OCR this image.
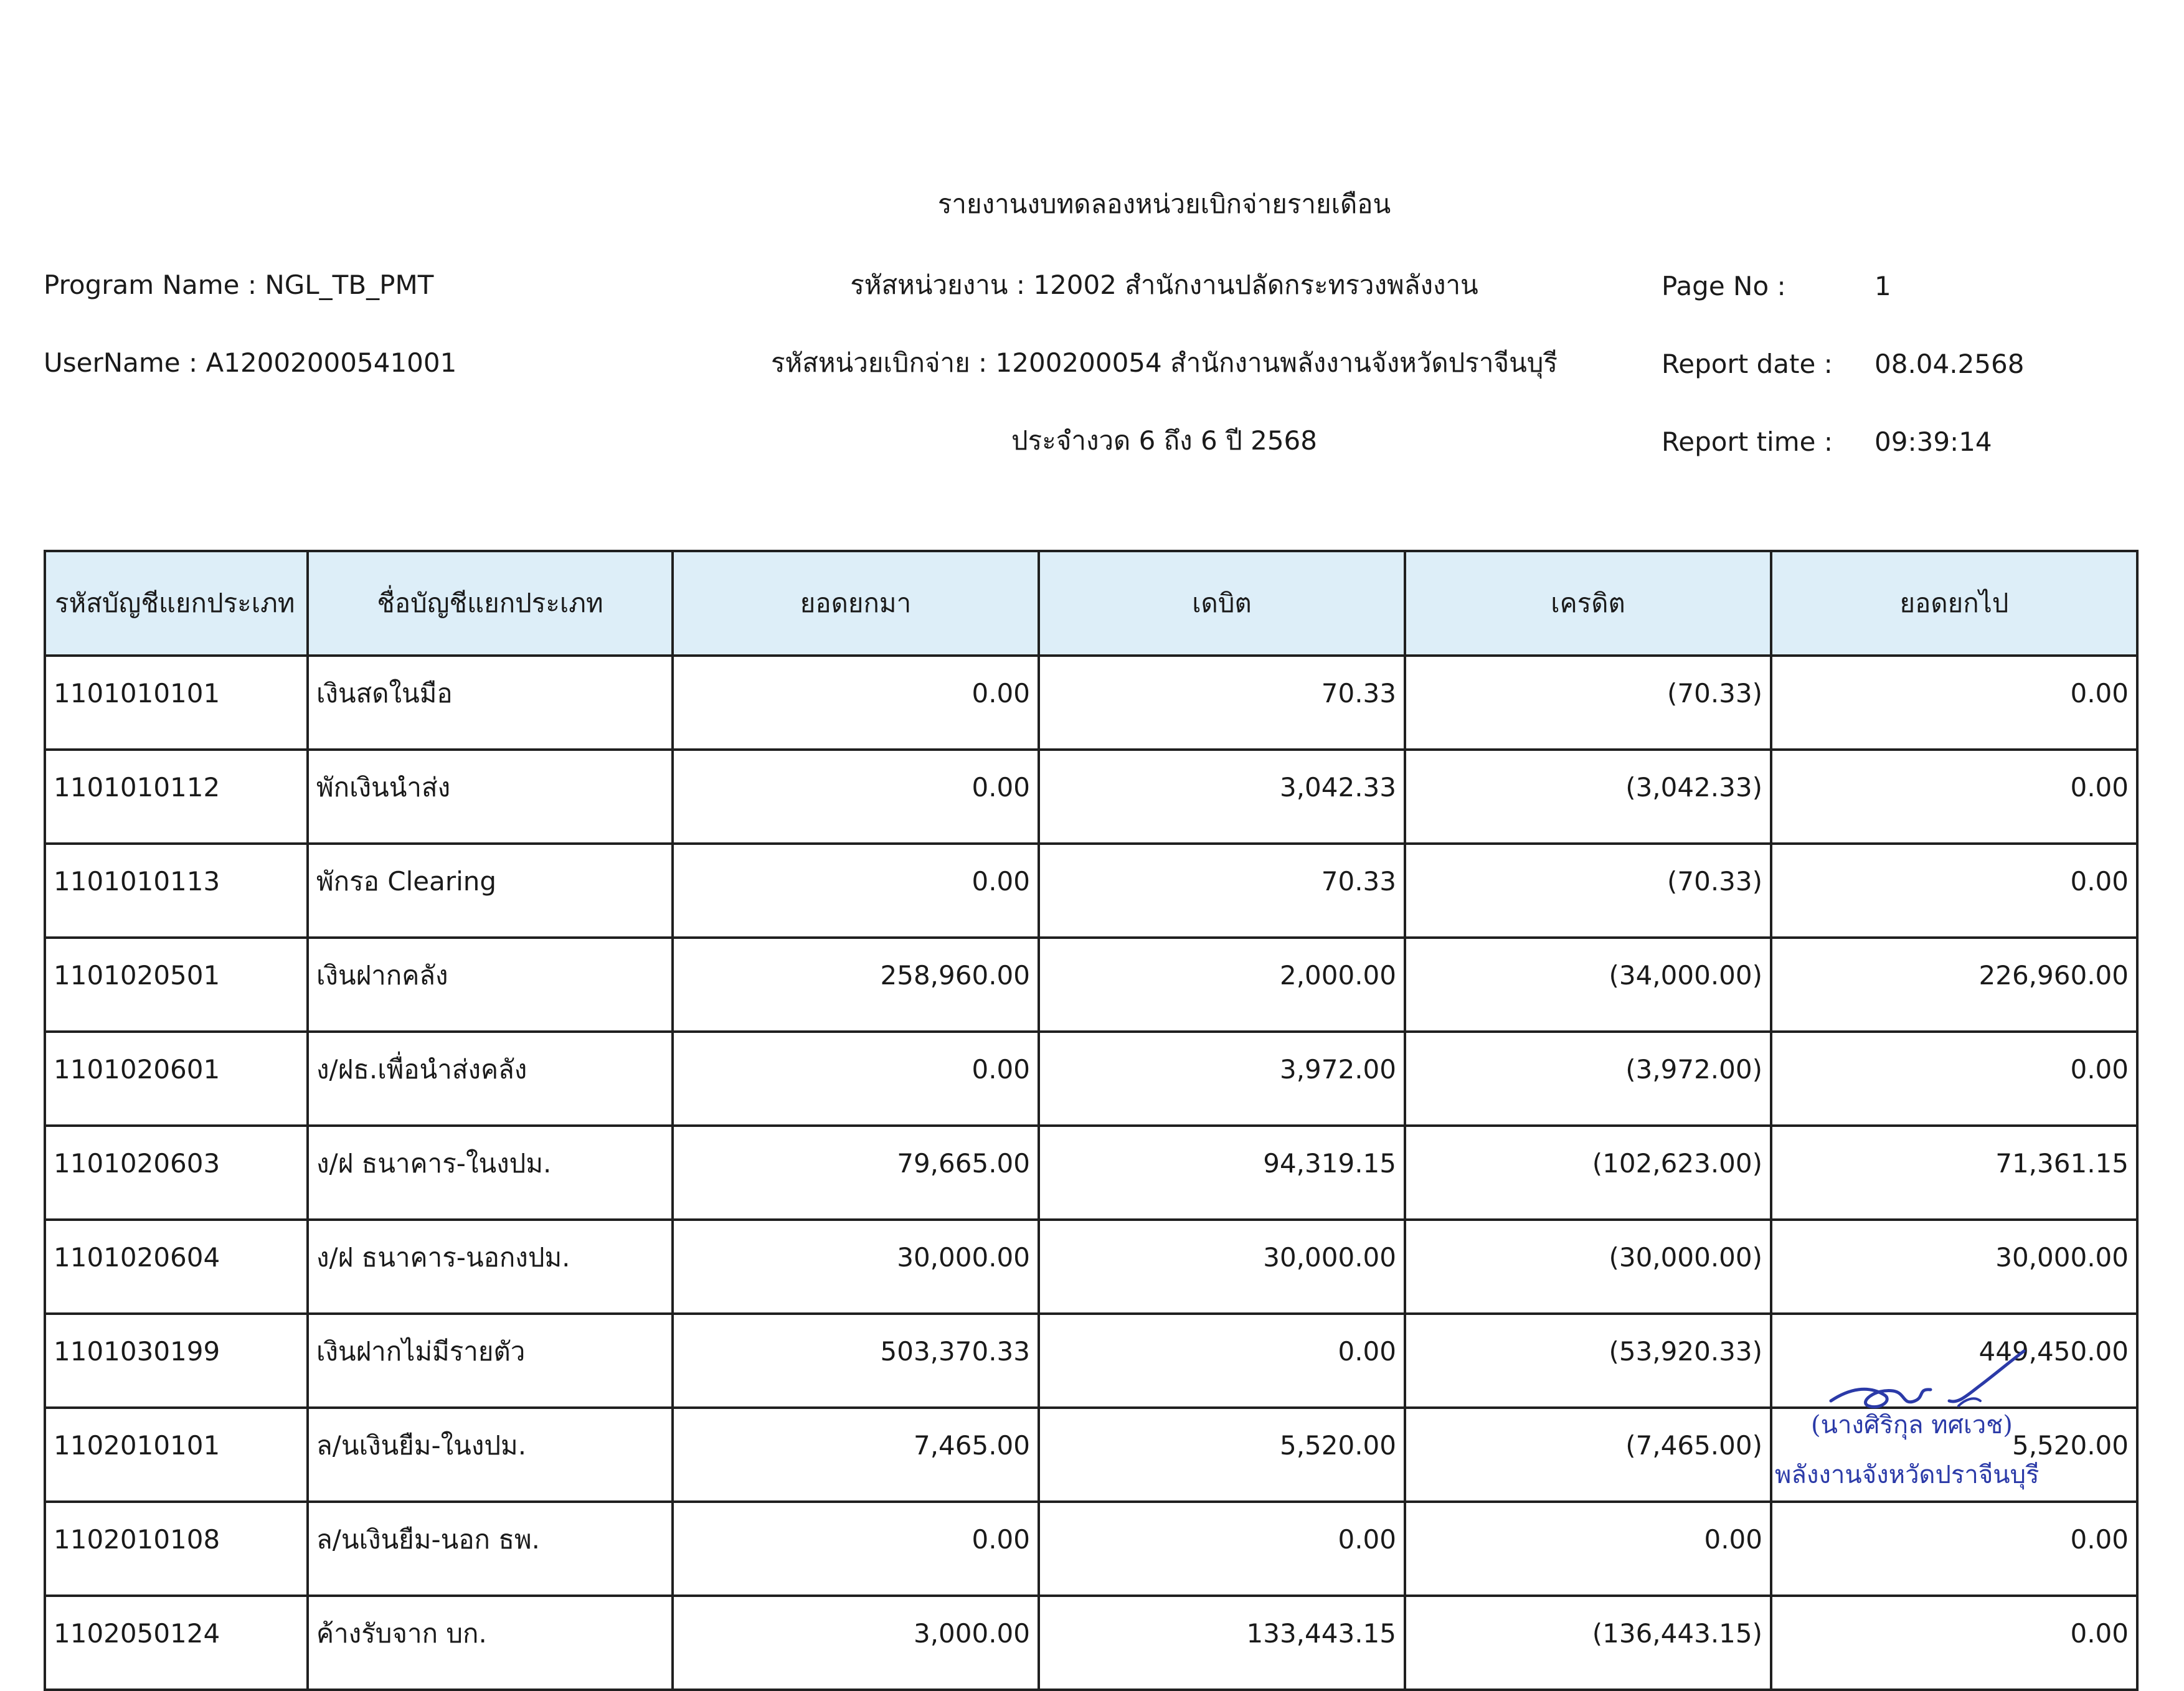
รายงานงบทดลองหน่วยเบิกจ่ายรายเดือน
Program Name : NGL_TB_PMT	รหัสหน่วยงาน : 12002 สำนักงานปลัดกระทรวงพลังงาน	Page No :	1
UserName : A12002000541001	รหัสหน่วยเบิกจ่าย : 1200200054 สำนักงานพลังงานจังหวัดปราจีนบุรี	Report date : 08.04.2568
ประจำงวด 6 ถึง 6 ปี 2568	Report time : 09:39:14
รหัสบัญชีแยกประเภท	ชื่อบัญชีแยกประเภท	ยอดยกมา	เดบิต	เครดิต	ยอดยกไป
1101010101	เงินสดในมือ	0.00	70.33	(70.33)	0.00
1101010112	พักเงินนำส่ง	0.00	3,042.33	(3,042.33)	0.00
1101010113	พักรอ Clearing	0.00	70.33	(70.33)	0.00
1101020501	เงินฝากคลัง	258,960.00	2,000.00	(34,000.00)	226,960.00
1101020601	ง/ฝธ.เพื่อนำส่งคลัง	0.00	3,972.00	(3,972.00)	0.00
1101020603	ง/ฝ ธนาคาร-ในงปม.	79,665.00	94,319.15	(102,623.00)	71,361.15
1101020604	ง/ฝ ธนาคาร-นอกงปม.	30,000.00	30,000.00	(30,000.00)	30,000.00
1101030199	เงินฝากไม่มีรายตัว	503,370.33	0.00	(53,920.33)	449,450.00
1102010101	ล/นเงินยืม-ในงปม.	7,465.00	5,520.00	(7,465.00)	5,520.00
1102010108	ล/นเงินยืม-นอก ธพ.	0.00	0.00	0.00	0.00
1102050124	ค้างรับจาก บก.	3,000.00	133,443.15	(136,443.15)	0.00
(นางศิริกุล ทศเวช)
พลังงานจังหวัดปราจีนบุรี
